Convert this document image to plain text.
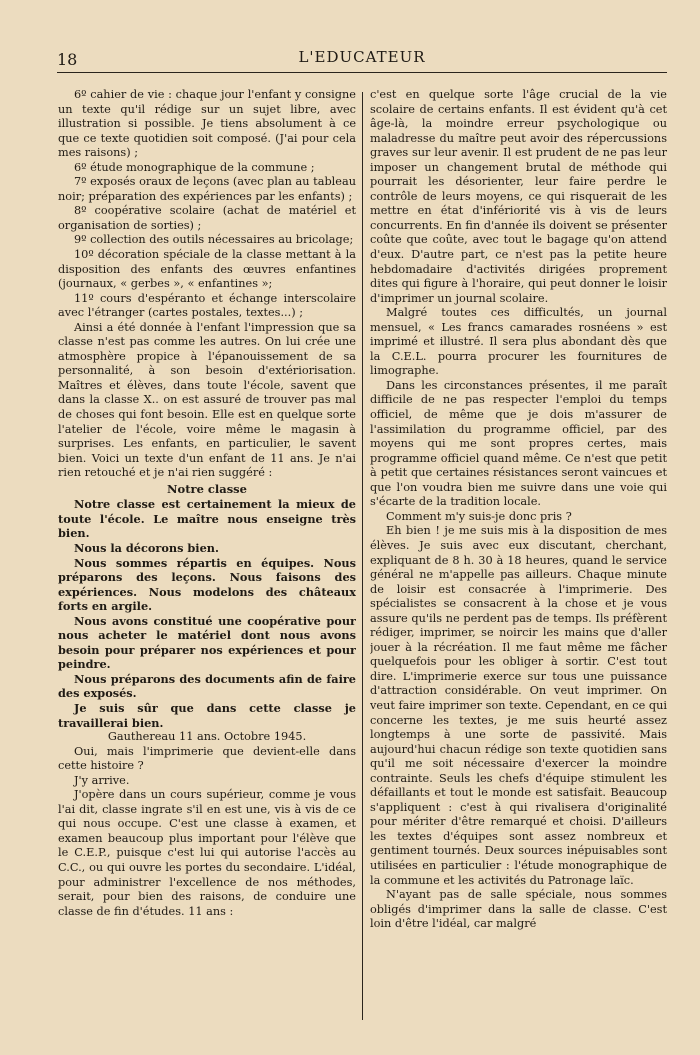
18	L'EDUCATEUR

6º cahier de vie : chaque jour l'enfant y consigne un texte qu'il rédige sur un sujet libre, avec illustration si possible. Je tiens absolument à ce que ce texte quotidien soit composé. (J'ai pour cela mes raisons) ;

6º étude monographique de la commune ;

7º exposés oraux de leçons (avec plan au tableau noir; préparation des expériences par les enfants) ;

8º coopérative scolaire (achat de matériel et organisation de sorties) ;

9º collection des outils nécessaires au bricolage;

10º décoration spéciale de la classe mettant à la disposition des enfants des œuvres enfantines (journaux, « gerbes », « enfantines »;

11º cours d'espéranto et échange interscolaire avec l'étranger (cartes postales, textes...) ;

Ainsi a été donnée à l'enfant l'impression que sa classe n'est pas comme les autres. On lui crée une atmosphère propice à l'épanouissement de sa personnalité, à son besoin d'extériorisation. Maîtres et élèves, dans toute l'école, savent que dans la classe X.. on est assuré de trouver pas mal de choses qui font besoin. Elle est en quelque sorte l'atelier de l'école, voire même le magasin à surprises. Les enfants, en particulier, le savent bien. Voici un texte d'un enfant de 11 ans. Je n'ai rien retouché et je n'ai rien suggéré :

Notre classe

Notre classe est certainement la mieux de toute l'école. Le maître nous enseigne très bien.

Nous la décorons bien.

Nous sommes répartis en équipes. Nous préparons des leçons. Nous faisons des expériences. Nous modelons des châteaux forts en argile.

Nous avons constitué une coopérative pour nous acheter le matériel dont nous avons besoin pour préparer nos expériences et pour peindre.

Nous préparons des documents afin de faire des exposés.

Je suis sûr que dans cette classe je travaillerai bien.

Gauthereau 11 ans. Octobre 1945.

Oui, mais l'imprimerie que devient-elle dans cette histoire ?

J'y arrive.

J'opère dans un cours supérieur, comme je vous l'ai dit, classe ingrate s'il en est une, vis à vis de ce qui nous occupe. C'est une classe à examen, et examen beaucoup plus important pour l'élève que le C.E.P., puisque c'est lui qui autorise l'accès au C.C., ou qui ouvre les portes du secondaire. L'idéal, pour administrer l'excellence de nos méthodes, serait, pour bien des raisons, de conduire une classe de fin d'études. 11 ans :

c'est en quelque sorte l'âge crucial de la vie scolaire de certains enfants. Il est évident qu'à cet âge-là, la moindre erreur psychologique ou maladresse du maître peut avoir des répercussions graves sur leur avenir. Il est prudent de ne pas leur imposer un changement brutal de méthode qui pourrait les désorienter, leur faire perdre le contrôle de leurs moyens, ce qui risquerait de les mettre en état d'infériorité vis à vis de leurs concurrents. En fin d'année ils doivent se présenter coûte que coûte, avec tout le bagage qu'on attend d'eux. D'autre part, ce n'est pas la petite heure hebdomadaire d'activités dirigées proprement dites qui figure à l'horaire, qui peut donner le loisir d'imprimer un journal scolaire.

Malgré toutes ces difficultés, un journal mensuel, « Les francs camarades rosnéens » est imprimé et illustré. Il sera plus abondant dès que la C.E.L. pourra procurer les fournitures de limographe.

Dans les circonstances présentes, il me paraît difficile de ne pas respecter l'emploi du temps officiel, de même que je dois m'assurer de l'assimilation du programme officiel, par des moyens qui me sont propres certes, mais programme officiel quand même. Ce n'est que petit à petit que certaines résistances seront vaincues et que l'on voudra bien me suivre dans une voie qui s'écarte de la tradition locale.

Comment m'y suis-je donc pris ?

Eh bien ! je me suis mis à la disposition de mes élèves. Je suis avec eux discutant, cherchant, expliquant de 8 h. 30 à 18 heures, quand le service général ne m'appelle pas ailleurs. Chaque minute de loisir est consacrée à l'imprimerie. Des spécialistes se consacrent à la chose et je vous assure qu'ils ne perdent pas de temps. Ils préfèrent rédiger, imprimer, se noircir les mains que d'aller jouer à la récréation. Il me faut même me fâcher quelquefois pour les obliger à sortir. C'est tout dire. L'imprimerie exerce sur tous une puissance d'attraction considérable. On veut imprimer. On veut faire imprimer son texte. Cependant, en ce qui concerne les textes, je me suis heurté assez longtemps à une sorte de passivité. Mais aujourd'hui chacun rédige son texte quotidien sans qu'il me soit nécessaire d'exercer la moindre contrainte. Seuls les chefs d'équipe stimulent les défaillants et tout le monde est satisfait. Beaucoup s'appliquent : c'est à qui rivalisera d'originalité pour mériter d'être remarqué et choisi. D'ailleurs les textes d'équipes sont assez nombreux et gentiment tournés. Deux sources inépuisables sont utilisées en particulier : l'étude monographique de la commune et les activités du Patronage laïc.

N'ayant pas de salle spéciale, nous sommes obligés d'imprimer dans la salle de classe. C'est loin d'être l'idéal, car malgré
